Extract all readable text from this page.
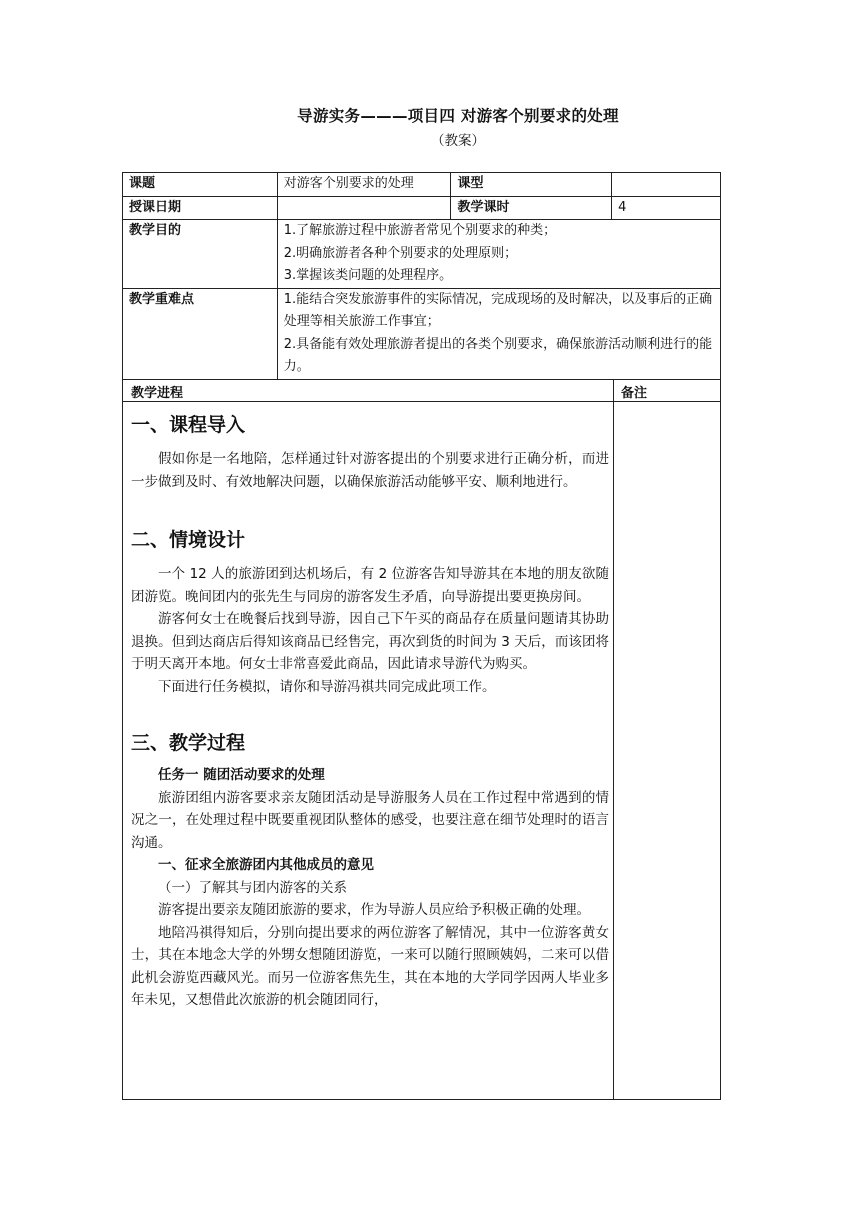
导游实务———项目四 对游客个别要求的处理
（教案）
课题	对游客个别要求的处理	课型	
授课日期		教学课时	4
教学目的	1.了解旅游过程中旅游者常见个别要求的种类；
2.明确旅游者各种个别要求的处理原则；
3.掌握该类问题的处理程序。		

教学重难点	1.能结合突发旅游事件的实际情况，完成现场的及时解决，以及事后的正确处理等相关旅游工作事宜；
2.具备能有效处理旅游者提出的各类个别要求，确保旅游活动顺利进行的能力。		
教学进程	备注
一、课程导入

假如你是一名地陪，怎样通过针对游客提出的个别要求进行正确分析，而进一步做到及时、有效地解决问题，以确保旅游活动能够平安、顺利地进行。

二、情境设计

一个 12 人的旅游团到达机场后，有 2 位游客告知导游其在本地的朋友欲随团游览。晚间团内的张先生与同房的游客发生矛盾，向导游提出要更换房间。

游客何女士在晚餐后找到导游，因自己下午买的商品存在质量问题请其协助退换。但到达商店后得知该商品已经售完，再次到货的时间为 3 天后，而该团将于明天离开本地。何女士非常喜爱此商品，因此请求导游代为购买。

下面进行任务模拟，请你和导游冯祺共同完成此项工作。

三、教学过程

任务一 随团活动要求的处理

旅游团组内游客要求亲友随团活动是导游服务人员在工作过程中常遇到的情况之一，在处理过程中既要重视团队整体的感受，也要注意在细节处理时的语言沟通。

一、征求全旅游团内其他成员的意见

（一）了解其与团内游客的关系

游客提出要亲友随团旅游的要求，作为导游人员应给予积极正确的处理。

地陪冯祺得知后，分别向提出要求的两位游客了解情况，其中一位游客黄女士，其在本地念大学的外甥女想随团游览，一来可以随行照顾姨妈，二来可以借此机会游览西藏风光。而另一位游客焦先生，其在本地的大学同学因两人毕业多年未见，又想借此次旅游的机会随团同行，
